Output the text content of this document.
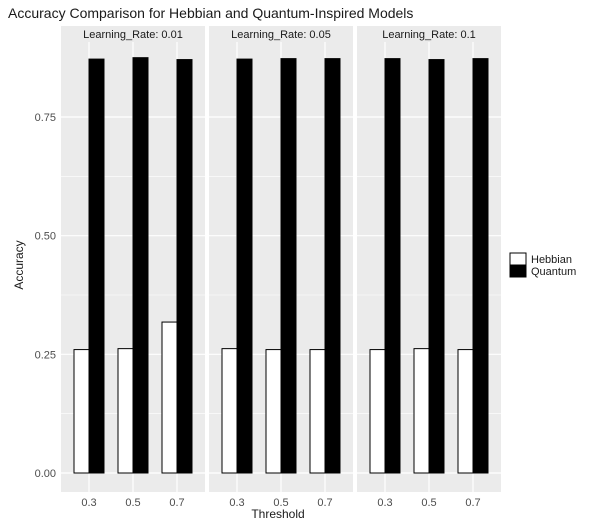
Accuracy Comparison for Hebbian and Quantum-Inspired Models
Learning_Rate: 0.01
0.3	0.5	0.7
Learning_Rate: 0.05
0.3	0.5	0.7
Learning_Rate: 0.1
0.3	0.5	0.7
0.00
0.25
0.50
0.75
Threshold
Accuracy	Hebbian
Quantum
